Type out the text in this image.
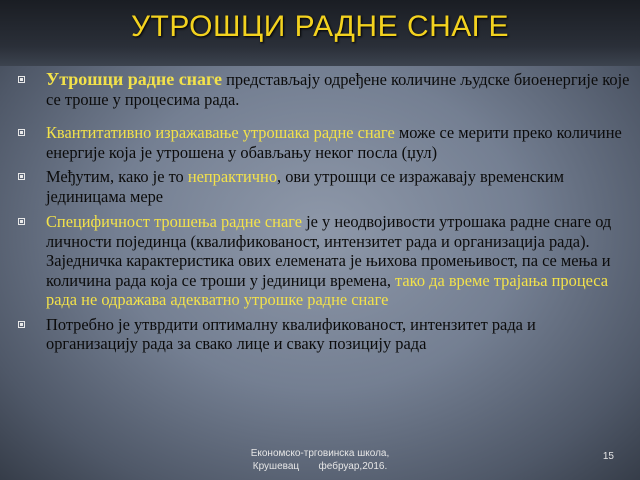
УТРОШЦИ РАДНЕ СНАГЕ
Утрошци радне снаге представљају одређене количине људске биоенергије које се троше у процесима рада.
Квантитативно изражавање утрошака радне снаге може се мерити преко количине енергије која је утрошена у обављању неког посла (џул)
Међутим, како је то непрактично, ови утрошци се изражавају временским јединицама мере
Специфичност трошења радне снаге је у неодвојивости утрошака радне снаге од личности појединца (квалификованост, интензитет рада и организација рада). Заједничка карактеристика ових елемената је њихова промењивост, па се мења и количина рада која се троши у јединици времена, тако да време трајања процеса рада не одражава адекватно утрошке радне снаге
Потребно је утврдити оптималну квалификованост, интензитет рада и организацију рада за свако лице и сваку позицију рада
Економско-трговинска школа,
Крушевац       фебруар,2016.
15
